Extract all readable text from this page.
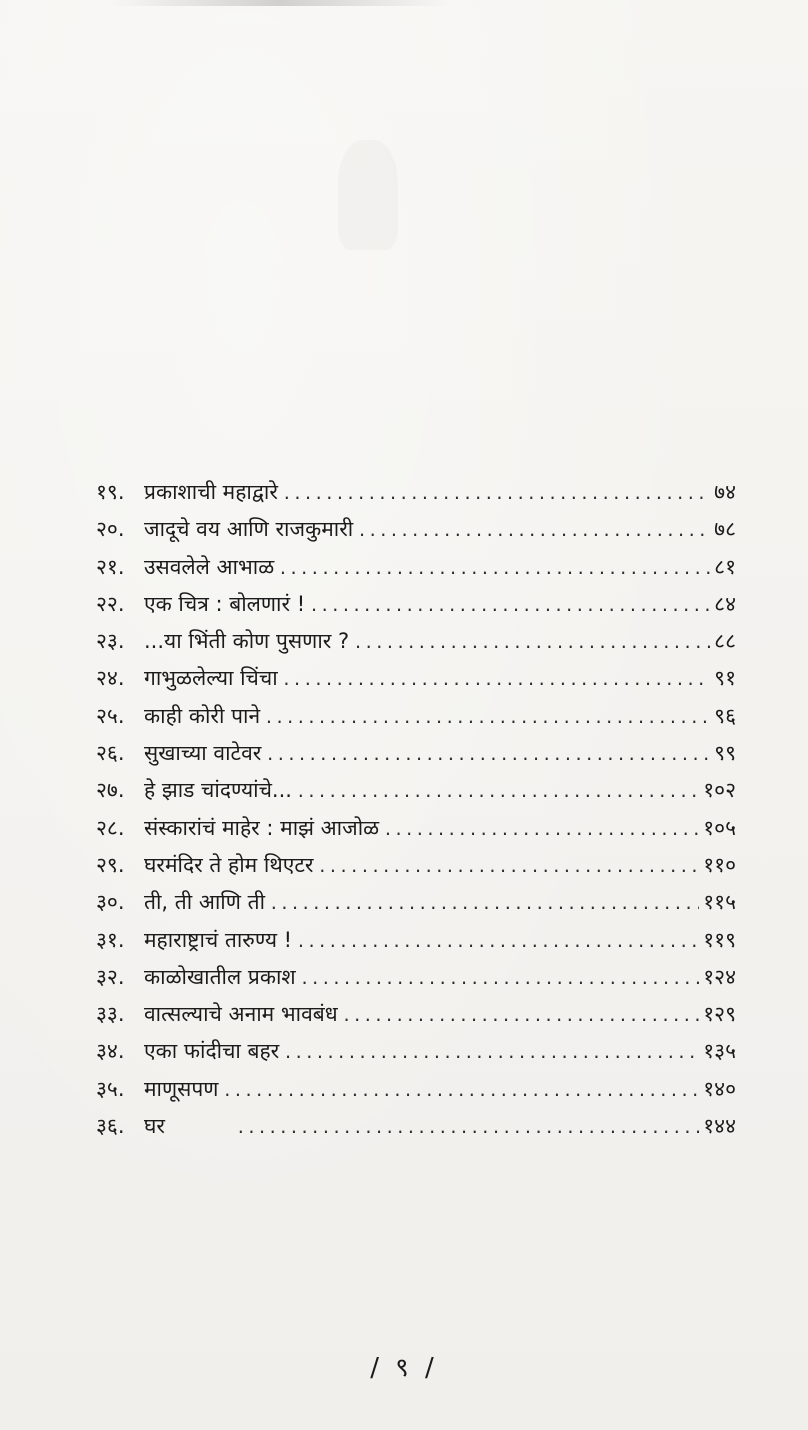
१९. प्रकाशाची महाद्वारे .....	७४
२०. जादूचे वय आणि राजकुमारी .....	७८
२१. उसवलेले आभाळ .....	८१
२२. एक चित्र : बोलणारं ! .....	८४
२३. ...या भिंती कोण पुसणार ? .....	८८
२४. गाभुळलेल्या चिंचा .....	९१
२५. काही कोरी पाने .....	९६
२६. सुखाच्या वाटेवर .....	९९
२७. हे झाड चांदण्यांचे... .....	१०२
२८. संस्कारांचं माहेर : माझं आजोळ .....	१०५
२९. घरमंदिर ते होम थिएटर .....	११०
३०. ती, ती आणि ती .....	११५
३१. महाराष्ट्राचं तारुण्य ! .....	११९
३२. काळोखातील प्रकाश .....	१२४
३३. वात्सल्याचे अनाम भावबंध .....	१२९
३४. एका फांदीचा बहर .....	१३५
३५. माणूसपण .....	१४०
३६. घर .....	१४४
/ ९ /
